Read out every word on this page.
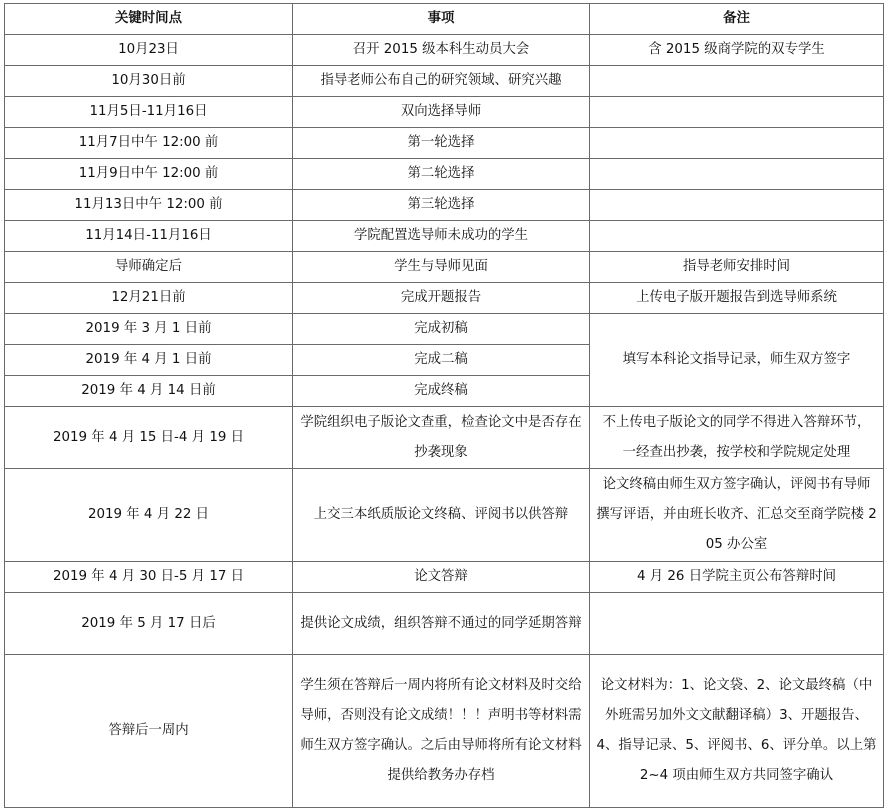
关键时间点	事项	备注
10月23日	召开 2015 级本科生动员大会	含 2015 级商学院的双专学生
10月30日前	指导老师公布自己的研究领域、研究兴趣	
11月5日-11月16日	双向选择导师	
11月7日中午 12:00 前	第一轮选择	
11月9日中午 12:00 前	第二轮选择	
11月13日中午 12:00 前	第三轮选择	
11月14日-11月16日	学院配置选导师未成功的学生	
导师确定后	学生与导师见面	指导老师安排时间
12月21日前	完成开题报告	上传电子版开题报告到选导师系统
2019 年 3 月 1 日前	完成初稿	填写本科论文指导记录，师生双方签字
2019 年 4 月 1 日前	完成二稿	
2019 年 4 月 14 日前	完成终稿	
2019 年 4 月 15 日-4 月 19 日	学院组织电子版论文查重，检查论文中是否存在抄袭现象	不上传电子版论文的同学不得进入答辩环节，一经查出抄袭，按学校和学院规定处理
2019 年 4 月 22 日	上交三本纸质版论文终稿、评阅书以供答辩	论文终稿由师生双方签字确认，评阅书有导师撰写评语，并由班长收齐、汇总交至商学院楼 205 办公室
2019 年 4 月 30 日-5 月 17 日	论文答辩	4 月 26 日学院主页公布答辩时间
2019 年 5 月 17 日后	提供论文成绩，组织答辩不通过的同学延期答辩	
答辩后一周内	学生须在答辩后一周内将所有论文材料及时交给导师，否则没有论文成绩！！！声明书等材料需师生双方签字确认。之后由导师将所有论文材料提供给教务办存档	论文材料为：1、论文袋、2、论文最终稿（中外班需另加外文文献翻译稿）3、开题报告、4、指导记录、5、评阅书、6、评分单。以上第 2~4 项由师生双方共同签字确认
